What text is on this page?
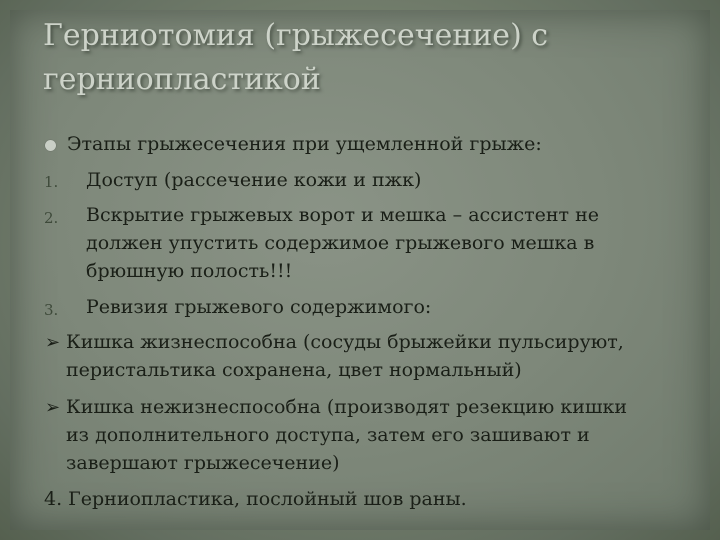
Герниотомия (грыжесечение) с герниопластикой
Этапы грыжесечения при ущемленной грыже:
1. Доступ (рассечение кожи и пжк)
2. Вскрытие грыжевых ворот и мешка – ассистент не
должен упустить содержимое грыжевого мешка в
брюшную полость!!!
3. Ревизия грыжевого содержимого:
➢ Кишка жизнеспособна (сосуды брыжейки пульсируют,
перистальтика сохранена, цвет нормальный)
➢ Кишка нежизнеспособна (производят резекцию кишки
из дополнительного доступа, затем его зашивают и
завершают грыжесечение)
4. Герниопластика, послойный шов раны.
